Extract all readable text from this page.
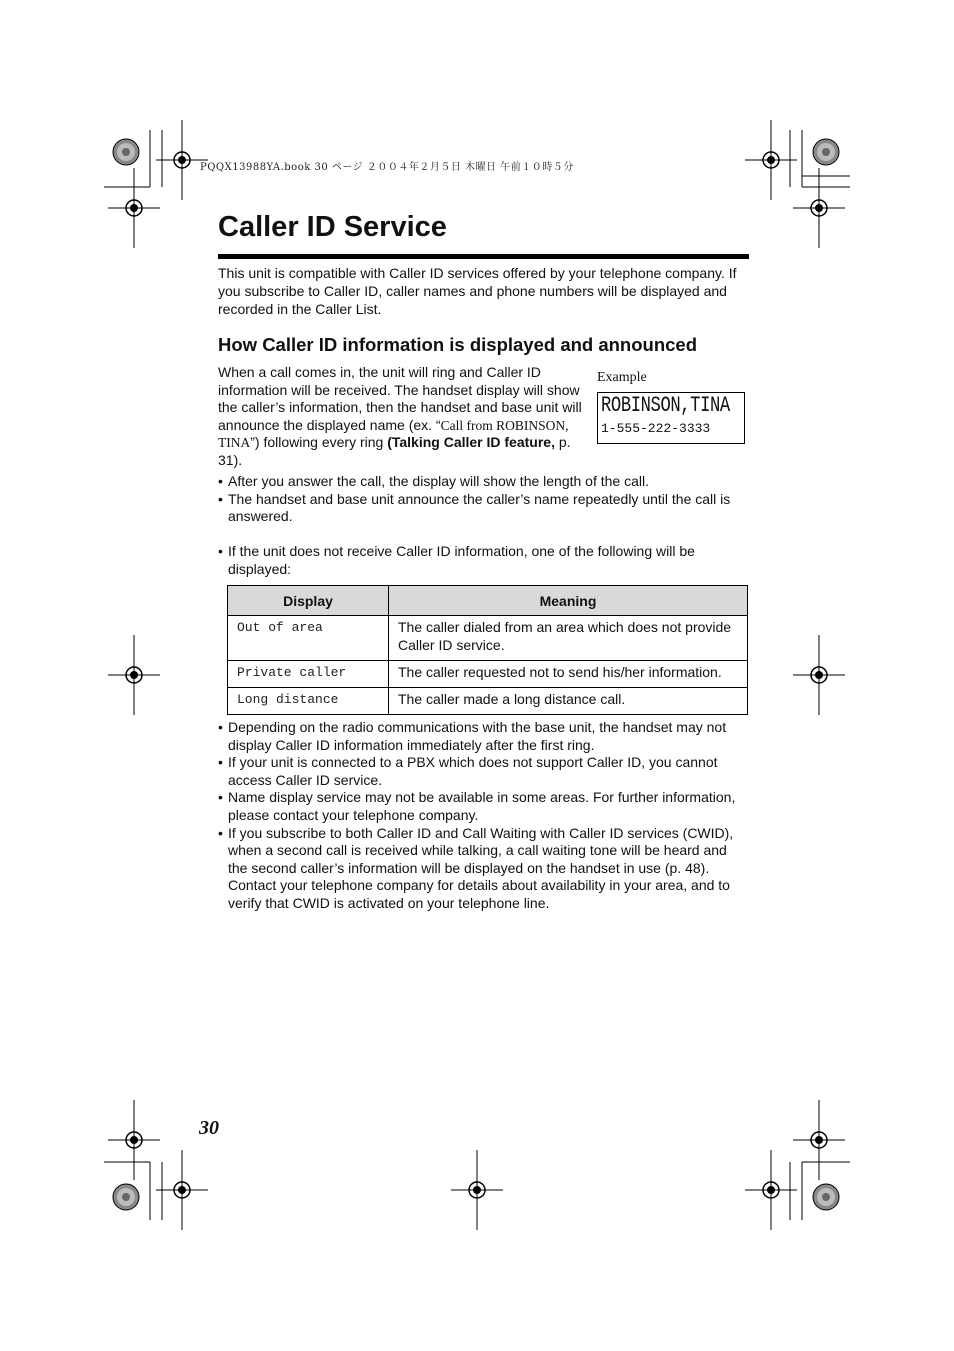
PQQX13988YA.book 30 ページ ２００４年２月５日 木曜日 午前１０時５分
Caller ID Service
This unit is compatible with Caller ID services offered by your telephone company. If you subscribe to Caller ID, caller names and phone numbers will be displayed and recorded in the Caller List.
How Caller ID information is displayed and announced
When a call comes in, the unit will ring and Caller ID information will be received. The handset display will show the caller’s information, then the handset and base unit will announce the displayed name (ex. “Call from ROBINSON, TINA”) following every ring (Talking Caller ID feature, p. 31).
Example
ROBINSON,TINA
1-555-222-3333
• After you answer the call, the display will show the length of the call.
• The handset and base unit announce the caller’s name repeatedly until the call is answered.
• If the unit does not receive Caller ID information, one of the following will be displayed:
Display	Meaning
Out of area	The caller dialed from an area which does not provide Caller ID service.
Private caller	The caller requested not to send his/her information.
Long distance	The caller made a long distance call.
• Depending on the radio communications with the base unit, the handset may not display Caller ID information immediately after the first ring.
• If your unit is connected to a PBX which does not support Caller ID, you cannot access Caller ID service.
• Name display service may not be available in some areas. For further information, please contact your telephone company.
• If you subscribe to both Caller ID and Call Waiting with Caller ID services (CWID), when a second call is received while talking, a call waiting tone will be heard and the second caller’s information will be displayed on the handset in use (p. 48). Contact your telephone company for details about availability in your area, and to verify that CWID is activated on your telephone line.
30
